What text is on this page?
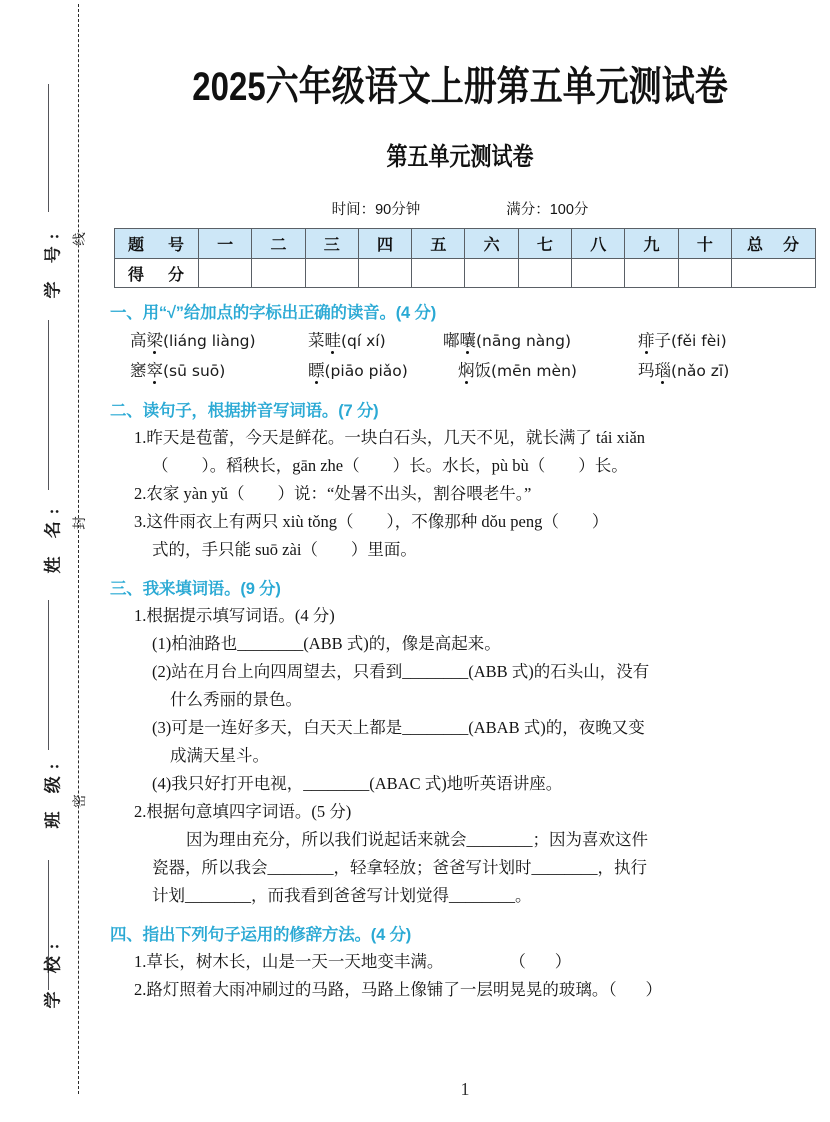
学 号:
姓 名:
班 级:
学 校:
线
封
密
2025六年级语文上册第五单元测试卷
第五单元测试卷
时间：90分钟	满分：100分
题 号	一	二	三	四	五	六	七	八	九	十	总 分
得 分											
一、用“√”给加点的字标出正确的读音。(4 分)
高梁(liáng liàng)	菜畦(qí xí)	嘟囔(nāng nàng)	痱子(fěi fèi)
窸窣(sū suō)	瞟(piāo piǎo)	焖饭(mēn mèn)	玛瑙(nǎo zī)
二、读句子，根据拼音写词语。(7 分)
1.昨天是苞蕾，今天是鲜花。一块白石头，几天不见，就长满了 tái xiǎn
（        ）。稻秧长，gān zhe（        ）长。水长，pù bù（        ）长。
2.农家 yàn yǔ（        ）说：“处暑不出头，割谷喂老牛。”
3.这件雨衣上有两只 xiù tǒng（        ），不像那种 dǒu peng（        ）
式的，手只能 suō zài（        ）里面。
三、我来填词语。(9 分)
1.根据提示填写词语。(4 分)
(1)柏油路也________(ABB 式)的，像是高起来。
(2)站在月台上向四周望去，只看到________(ABB 式)的石头山，没有
什么秀丽的景色。
(3)可是一连好多天，白天天上都是________(ABAB 式)的，夜晚又变
成满天星斗。
(4)我只好打开电视，________(ABAC 式)地听英语讲座。
2.根据句意填四字词语。(5 分)
因为理由充分，所以我们说起话来就会________；因为喜欢这件
瓷器，所以我会________，轻拿轻放；爸爸写计划时________，执行
计划________，而我看到爸爸写计划觉得________。
四、指出下列句子运用的修辞方法。(4 分)
1.草长，树木长，山是一天一天地变丰满。                （       ）
2.路灯照着大雨冲刷过的马路，马路上像铺了一层明晃晃的玻璃。（       ）
1
